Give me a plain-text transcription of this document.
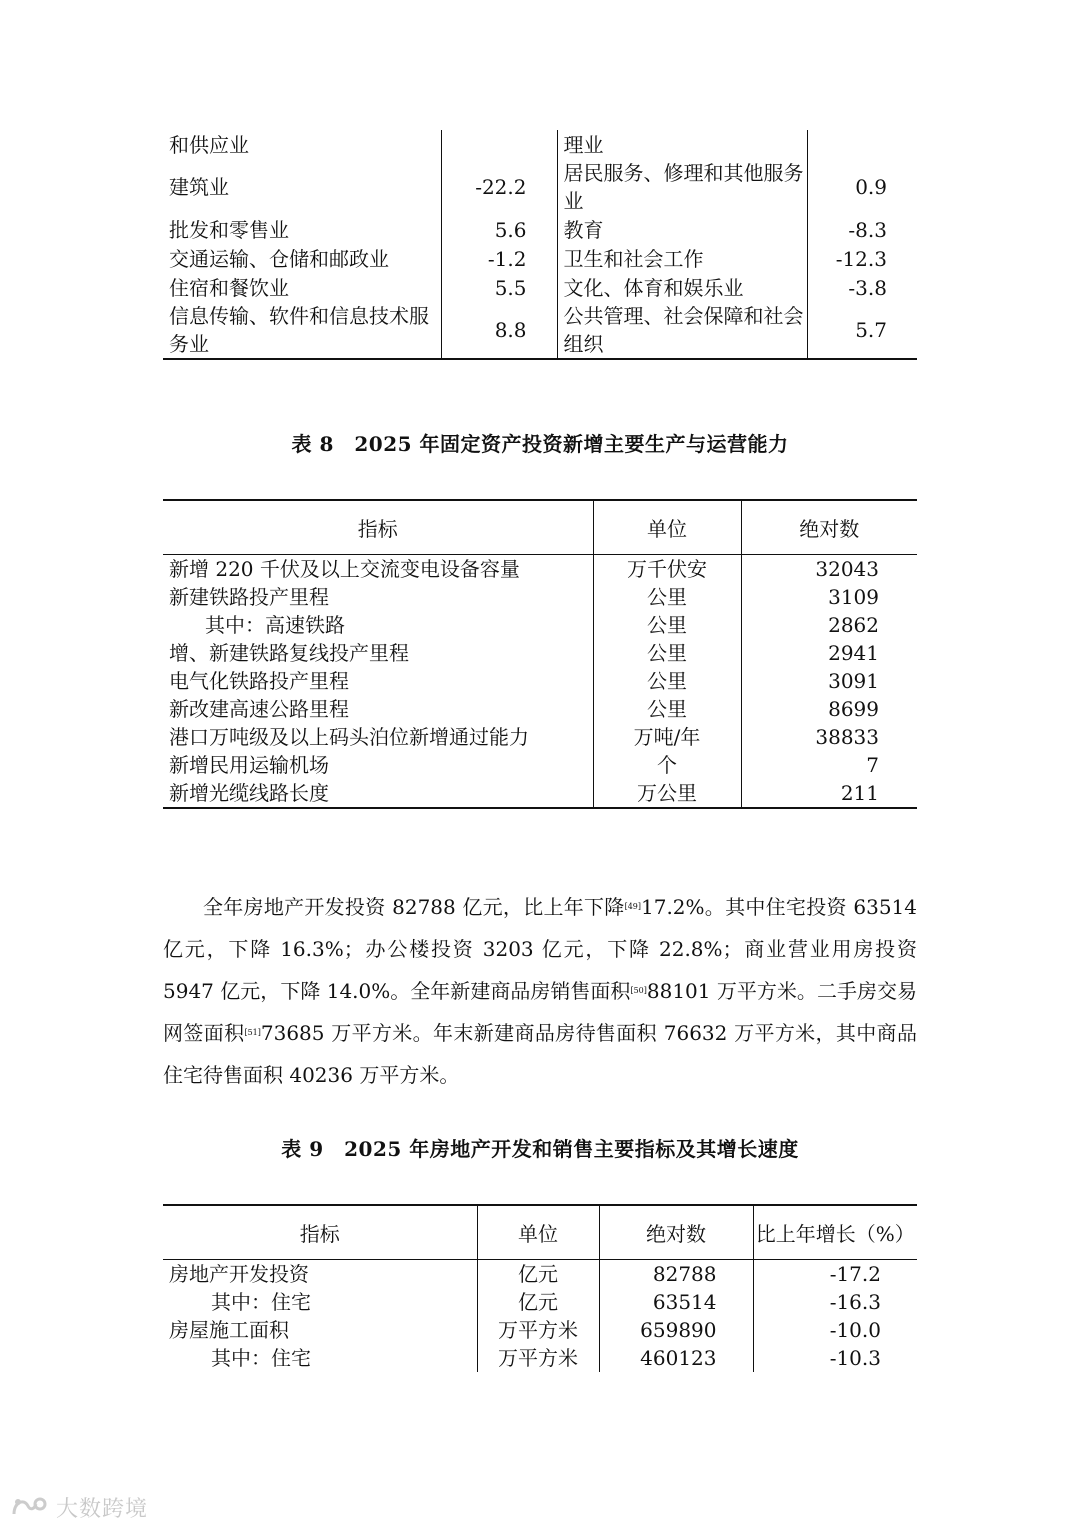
和供应业		理业	
建筑业	-22.2	居民服务、修理和其他服务业	0.9
批发和零售业	5.6	教育	-8.3
交通运输、仓储和邮政业	-1.2	卫生和社会工作	-12.3
住宿和餐饮业	5.5	文化、体育和娱乐业	-3.8
信息传输、软件和信息技术服务业	8.8	公共管理、社会保障和社会组织	5.7
表 8　2025 年固定资产投资新增主要生产与运营能力
指标	单位	绝对数
新增 220 千伏及以上交流变电设备容量	万千伏安	32043
新建铁路投产里程	公里	3109
其中：高速铁路	公里	2862
增、新建铁路复线投产里程	公里	2941
电气化铁路投产里程	公里	3091
新改建高速公路里程	公里	8699
港口万吨级及以上码头泊位新增通过能力	万吨/年	38833
新增民用运输机场	个	7
新增光缆线路长度	万公里	211

全年房地产开发投资 82788 亿元，比上年下降[49]17.2%。其中住宅投资 63514 亿元，下降 16.3%；办公楼投资 3203 亿元，下降 22.8%；商业营业用房投资 5947 亿元，下降 14.0%。全年新建商品房销售面积[50]88101 万平方米。二手房交易网签面积[51]73685 万平方米。年末新建商品房待售面积 76632 万平方米，其中商品住宅待售面积 40236 万平方米。

表 9　2025 年房地产开发和销售主要指标及其增长速度
指标	单位	绝对数	比上年增长（%）
房地产开发投资	亿元	82788	-17.2
其中：住宅	亿元	63514	-16.3
房屋施工面积	万平方米	659890	-10.0
其中：住宅	万平方米	460123	-10.3
大数跨境
